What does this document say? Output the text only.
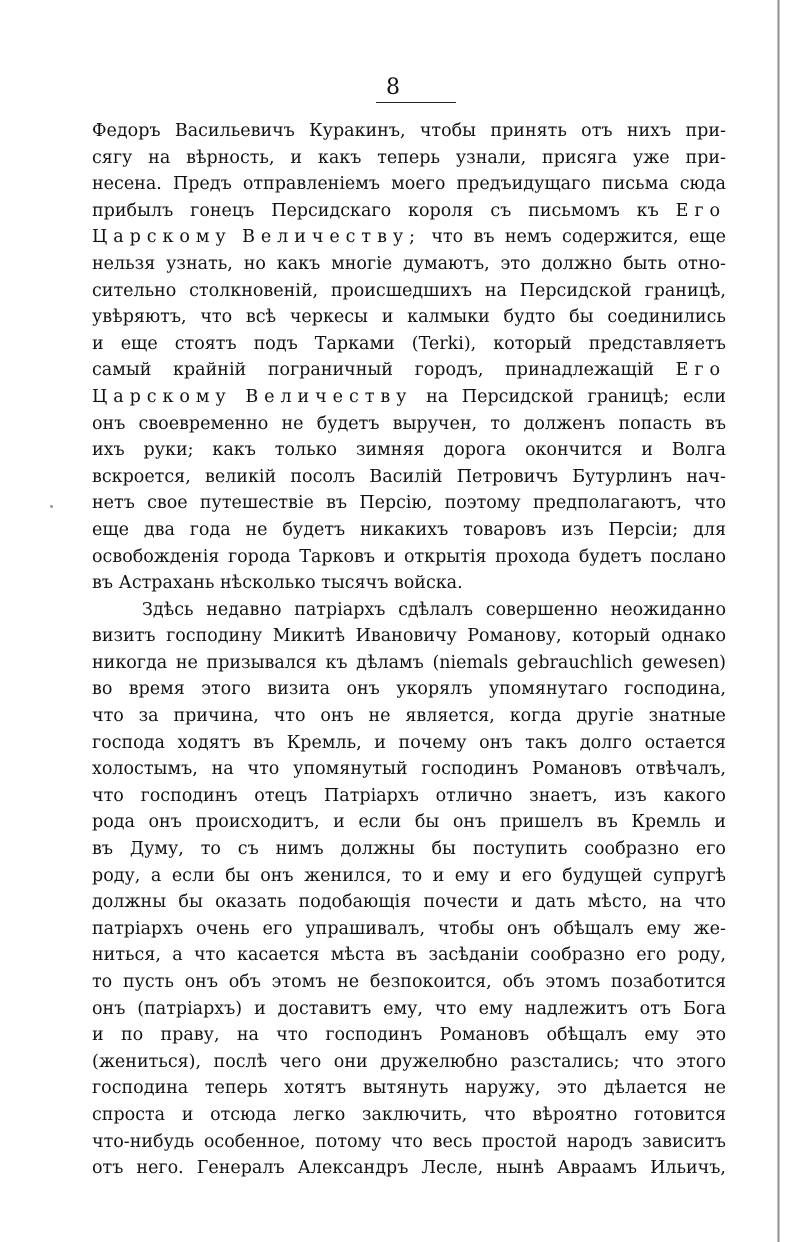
8
Федоръ Васильевичъ Куракинъ, чтобы принять отъ нихъ при-
сягу на вѣрность, и какъ теперь узнали, присяга уже при-
несена. Предъ отправленіемъ моего предъидущаго письма сюда
прибылъ гонецъ Персидскаго короля съ письмомъ къ Его
Царскому Величеству; что въ немъ содержится, еще
нельзя узнать, но какъ многіе думаютъ, это должно быть отно-
сительно столкновеній, происшедшихъ на Персидской границѣ,
увѣряютъ, что всѣ черкесы и калмыки будто бы соединились
и еще стоятъ подъ Тарками (Terki), который представляетъ
самый крайній пограничный городъ, принадлежащій Его
Царскому Величеству на Персидской границѣ; если
онъ своевременно не будетъ выручен, то долженъ попасть въ
ихъ руки; какъ только зимняя дорога окончится и Волга
вскроется, великій посолъ Василій Петровичъ Бутурлинъ нач-
нетъ свое путешествіе въ Персію, поэтому предполагаютъ, что
еще два года не будетъ никакихъ товаровъ изъ Персіи; для
освобожденія города Тарковъ и открытія прохода будетъ послано
въ Астрахань нѣсколько тысячъ войска.
Здѣсь недавно патріархъ сдѣлалъ совершенно неожиданно
визитъ господину Микитѣ Ивановичу Романову, который однако
никогда не призывался къ дѣламъ (niemals gebrauchlich gewesen)
во время этого визита онъ укорялъ упомянутаго господина,
что за причина, что онъ не является, когда другіе знатные
господа ходятъ въ Кремль, и почему онъ такъ долго остается
холостымъ, на что упомянутый господинъ Романовъ отвѣчалъ,
что господинъ отецъ Патріархъ отлично знаетъ, изъ какого
рода онъ происходитъ, и если бы онъ пришелъ въ Кремль и
въ Думу, то съ нимъ должны бы поступить сообразно его
роду, а если бы онъ женился, то и ему и его будущей супругѣ
должны бы оказать подобающія почести и дать мѣсто, на что
патріархъ очень его упрашивалъ, чтобы онъ обѣщалъ ему же-
ниться, а что касается мѣста въ засѣданіи сообразно его роду,
то пусть онъ объ этомъ не безпокоится, объ этомъ позаботится
онъ (патріархъ) и доставитъ ему, что ему надлежитъ отъ Бога
и по праву, на что господинъ Романовъ обѣщалъ ему это
(жениться), послѣ чего они дружелюбно разстались; что этого
господина теперь хотятъ вытянуть наружу, это дѣлается не
спроста и отсюда легко заключить, что вѣроятно готовится
что-нибудь особенное, потому что весь простой народъ зависитъ
отъ него. Генералъ Александръ Лесле, нынѣ Авраамъ Ильичъ,
